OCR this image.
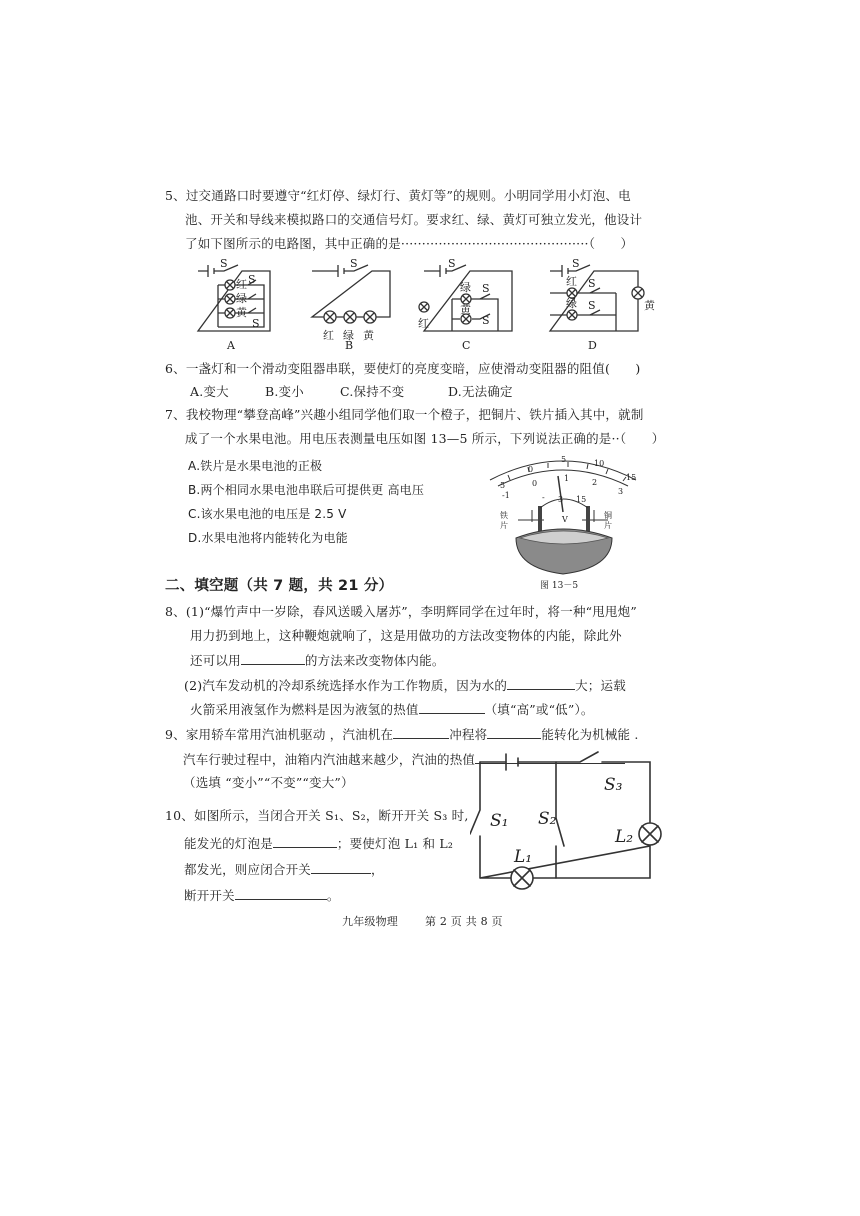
5、过交通路口时要遵守“红灯停、绿灯行、黄灯等”的规则。小明同学用小灯泡、电
池、开关和导线来模拟路口的交通信号灯。要求红、绿、黄灯可独立发光，他设计
了如下图所示的电路图，其中正确的是·············································（　　）
S
红 S
绿
黄
S
A
S
红 绿 黄
B
S
绿 S
黄
S
红
C
S
红 S
绿 S	黄
D
6、一盏灯和一个滑动变阻器串联，要使灯的亮度变暗，应使滑动变阻器的阻值(　　)
A.变大	B.变小	C.保持不变	D.无法确定
7、我校物理“攀登高峰”兴趣小组同学他们取一个橙子，把铜片、铁片插入其中，就制
成了一个水果电池。用电压表测量电压如图 13—5 所示，下列说法正确的是··（　　）
A.铁片是水果电池的正极
B.两个相同水果电池串联后可提供更 高电压
C.该水果电池的电压是 2.5 V
D.水果电池将内能转化为电能
5
0
5	10
15
-1
0
1	2
3
- 3 15
V
铁
片
铜
片
图 13－5
二、填空题（共 7 题，共 21 分）
8、(1)“爆竹声中一岁除，春风送暖入屠苏”，李明辉同学在过年时，将一种“甩甩炮”
用力扔到地上，这种鞭炮就响了，这是用做功的方法改变物体的内能，除此外
还可以用	的方法来改变物体内能。
(2)汽车发动机的冷却系统选择水作为工作物质，因为水的	大；运载
火箭采用液氢作为燃料是因为液氢的热值	（填“高”或“低”）。
9、家用轿车常用汽油机驱动 ，汽油机在	冲程将	能转化为机械能 .
汽车行驶过程中，油箱内汽油越来越少，汽油的热值
（选填 “变小”“不变”“变大”）
10、如图所示，当闭合开关 S₁、S₂，断开开关 S₃ 时,
能发光的灯泡是	；要使灯泡 L₁ 和 L₂
都发光，则应闭合开关	，
断开开关	。
S₃
S₁ S₂
L₂
L₁
九年级物理 第 2 页 共 8 页
